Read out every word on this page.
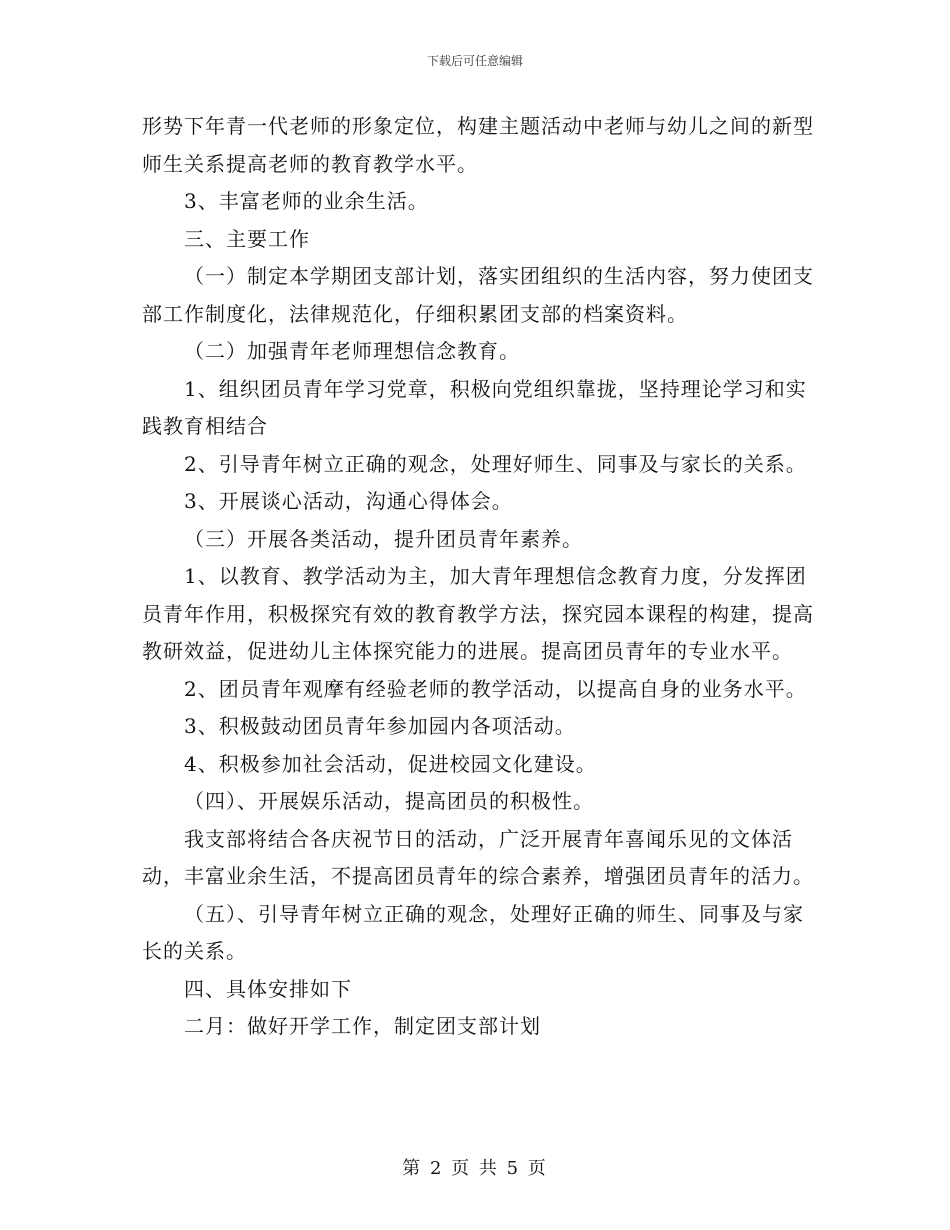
下载后可任意编辑

形势下年青一代老师的形象定位，构建主题活动中老师与幼儿之间的新型师生关系提高老师的教育教学水平。

3、丰富老师的业余生活。

三、主要工作

（一）制定本学期团支部计划，落实团组织的生活内容，努力使团支部工作制度化，法律规范化，仔细积累团支部的档案资料。

（二）加强青年老师理想信念教育。

1、组织团员青年学习党章，积极向党组织靠拢，坚持理论学习和实践教育相结合

2、引导青年树立正确的观念，处理好师生、同事及与家长的关系。

3、开展谈心活动，沟通心得体会。

（三）开展各类活动，提升团员青年素养。

1、以教育、教学活动为主，加大青年理想信念教育力度，分发挥团员青年作用，积极探究有效的教育教学方法，探究园本课程的构建，提高教研效益，促进幼儿主体探究能力的进展。提高团员青年的专业水平。

2、团员青年观摩有经验老师的教学活动，以提高自身的业务水平。

3、积极鼓动团员青年参加园内各项活动。

4、积极参加社会活动，促进校园文化建设。

（四）、开展娱乐活动，提高团员的积极性。

我支部将结合各庆祝节日的活动，广泛开展青年喜闻乐见的文体活动，丰富业余生活，不提高团员青年的综合素养，增强团员青年的活力。

（五）、引导青年树立正确的观念，处理好正确的师生、同事及与家长的关系。

四、具体安排如下

二月：做好开学工作，制定团支部计划

第 2 页 共 5 页
